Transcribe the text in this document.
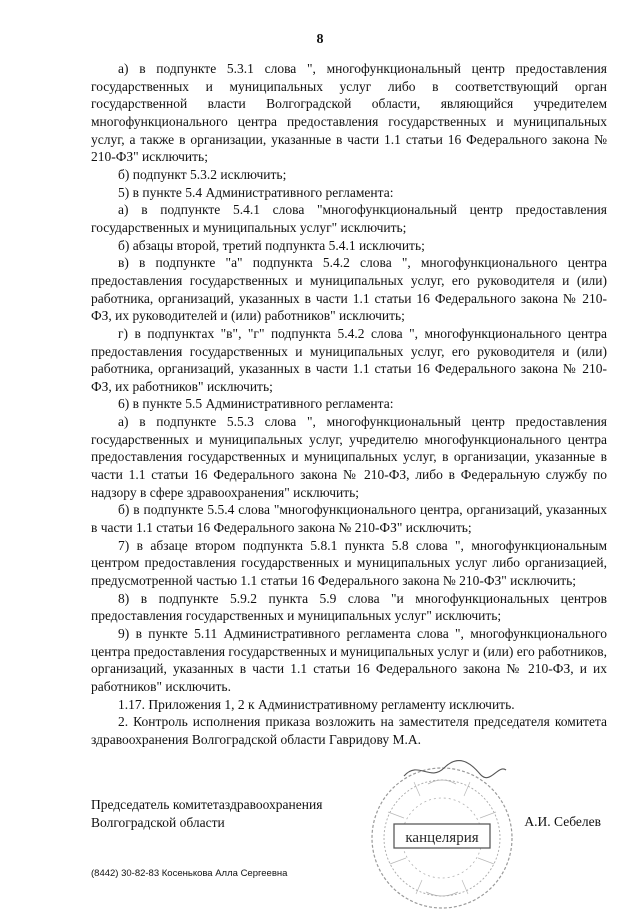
8

а) в подпункте 5.3.1 слова ", многофункциональный центр предоставления государственных и муниципальных услуг либо в соответствующий орган государственной власти Волгоградской области, являющийся учредителем многофункционального центра предоставления государственных и муниципальных услуг, а также в организации, указанные в части 1.1 статьи 16 Федерального закона № 210-ФЗ" исключить;

б) подпункт 5.3.2 исключить;

5) в пункте 5.4 Административного регламента:

а) в подпункте 5.4.1 слова "многофункциональный центр предоставления государственных и муниципальных услуг" исключить;

б) абзацы второй, третий подпункта 5.4.1 исключить;

в) в подпункте "а" подпункта 5.4.2 слова ", многофункционального центра предоставления государственных и муниципальных услуг, его руководителя и (или) работника, организаций, указанных в части 1.1 статьи 16 Федерального закона № 210-ФЗ, их руководителей и (или) работников" исключить;

г) в подпунктах "в", "г" подпункта 5.4.2 слова ", многофункционального центра предоставления государственных и муниципальных услуг, его руководителя и (или) работника, организаций, указанных в части 1.1 статьи 16 Федерального закона № 210-ФЗ, их работников" исключить;

6) в пункте 5.5 Административного регламента:

а) в подпункте 5.5.3 слова ", многофункциональный центр предоставления государственных и муниципальных услуг, учредителю многофункционального центра предоставления государственных и муниципальных услуг, в организации, указанные в части 1.1 статьи 16 Федерального закона № 210-ФЗ, либо в Федеральную службу по надзору в сфере здравоохранения" исключить;

б) в подпункте 5.5.4 слова "многофункционального центра, организаций, указанных в части 1.1 статьи 16 Федерального закона № 210-ФЗ" исключить;

7) в абзаце втором подпункта 5.8.1 пункта 5.8 слова ", многофункциональным центром предоставления государственных и муниципальных услуг либо организацией, предусмотренной частью 1.1 статьи 16 Федерального закона № 210-ФЗ" исключить;

8) в подпункте 5.9.2 пункта 5.9 слова "и многофункциональных центров предоставления государственных и муниципальных услуг" исключить;

9) в пункте 5.11 Административного регламента слова ", многофункционального центра предоставления государственных и муниципальных услуг и (или) его работников, организаций, указанных в части 1.1 статьи 16 Федерального закона № 210-ФЗ, и их работников" исключить.

1.17. Приложения 1, 2 к Административному регламенту исключить.

2. Контроль исполнения приказа возложить на заместителя председателя комитета здравоохранения Волгоградской области Гавридову М.А.

канцелярия
Председатель комитетаздравоохранения
Волгоградской области	А.И. Себелев
(8442) 30-82-83 Косенькова Алла Сергеевна
